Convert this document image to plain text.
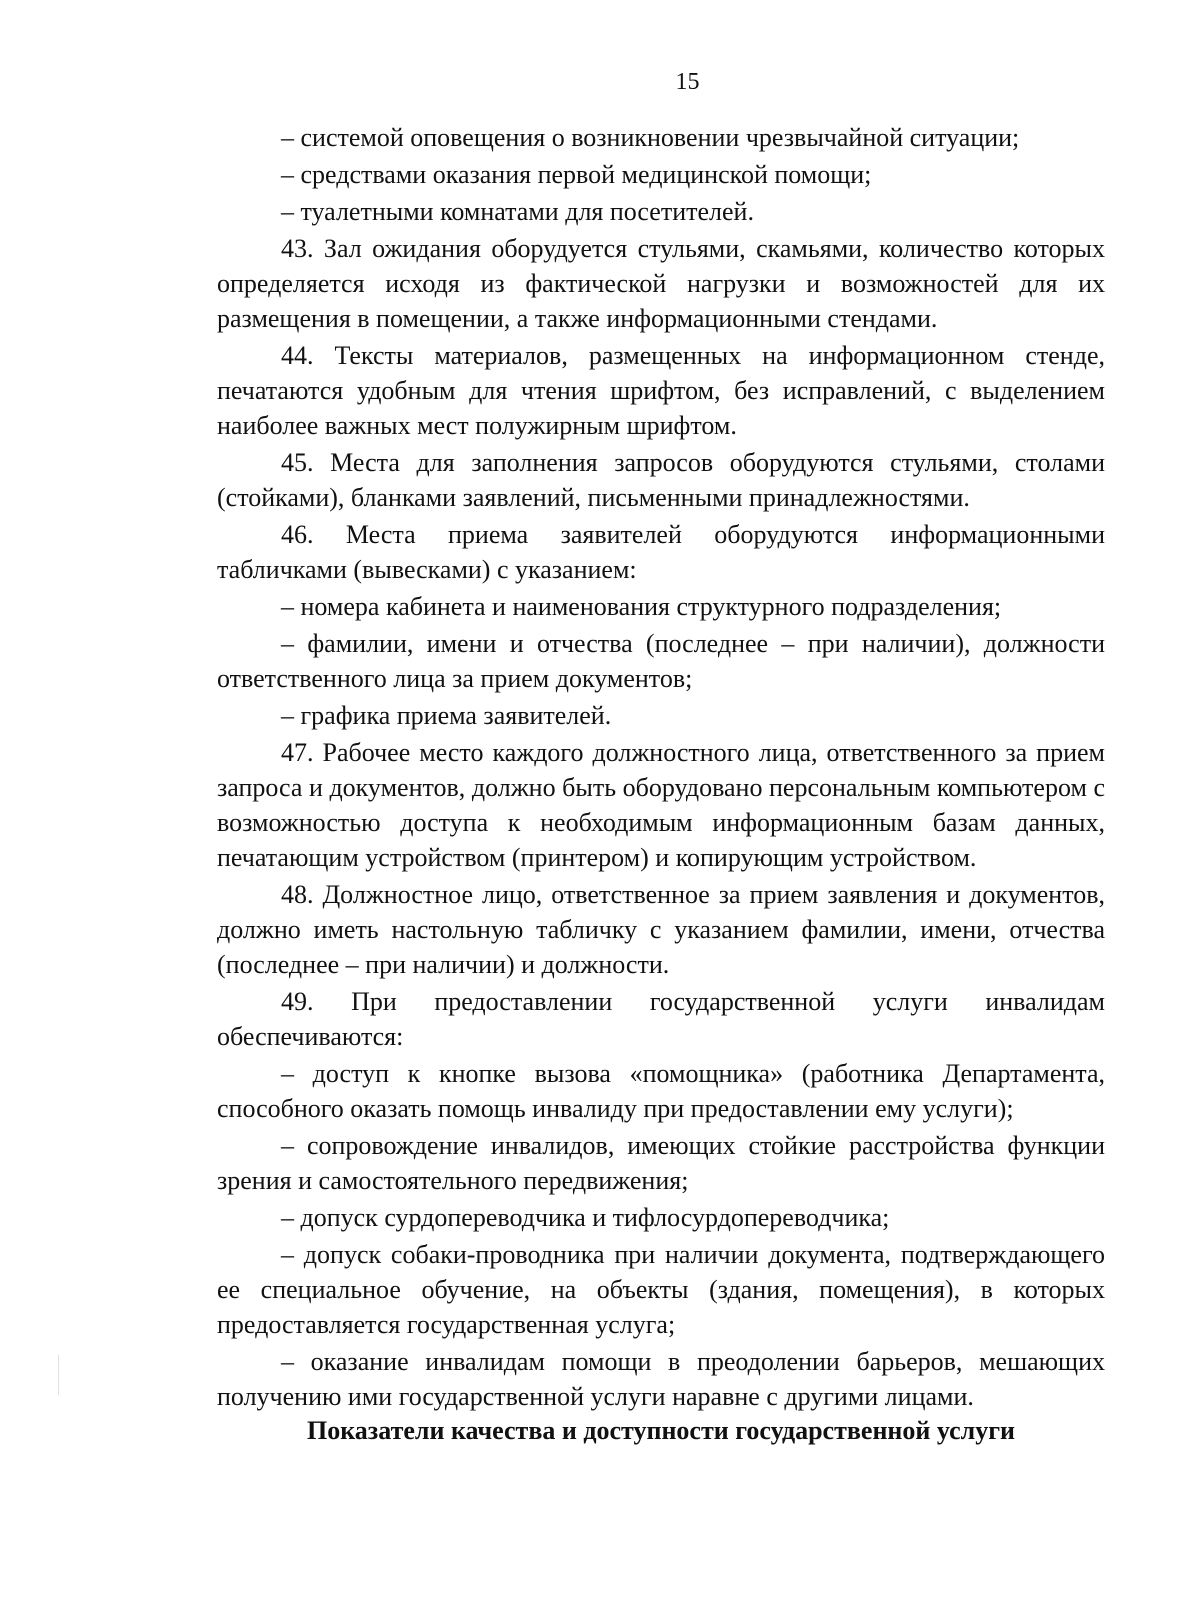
15

– системой оповещения о возникновении чрезвычайной ситуации;

– средствами оказания первой медицинской помощи;

– туалетными комнатами для посетителей.

43. Зал ожидания оборудуется стульями, скамьями, количество которых определяется исходя из фактической нагрузки и возможностей для их размещения в помещении, а также информационными стендами.

44. Тексты материалов, размещенных на информационном стенде, печатаются удобным для чтения шрифтом, без исправлений, с выделением наиболее важных мест полужирным шрифтом.

45. Места для заполнения запросов оборудуются стульями, столами (стойками), бланками заявлений, письменными принадлежностями.

46. Места приема заявителей оборудуются информационными табличками (вывесками) с указанием:

– номера кабинета и наименования структурного подразделения;

– фамилии, имени и отчества (последнее – при наличии), должности ответственного лица за прием документов;

– графика приема заявителей.

47. Рабочее место каждого должностного лица, ответственного за прием запроса и документов, должно быть оборудовано персональным компьютером с возможностью доступа к необходимым информационным базам данных, печатающим устройством (принтером) и копирующим устройством.

48. Должностное лицо, ответственное за прием заявления и документов, должно иметь настольную табличку с указанием фамилии, имени, отчества (последнее – при наличии) и должности.

49. При предоставлении государственной услуги инвалидам обеспечиваются:

– доступ к кнопке вызова «помощника» (работника Департамента, способного оказать помощь инвалиду при предоставлении ему услуги);

– сопровождение инвалидов, имеющих стойкие расстройства функции зрения и самостоятельного передвижения;

– допуск сурдопереводчика и тифлосурдопереводчика;

– допуск собаки-проводника при наличии документа, подтверждающего ее специальное обучение, на объекты (здания, помещения), в которых предоставляется государственная услуга;

– оказание инвалидам помощи в преодолении барьеров, мешающих получению ими государственной услуги наравне с другими лицами.

Показатели качества и доступности государственной услуги
